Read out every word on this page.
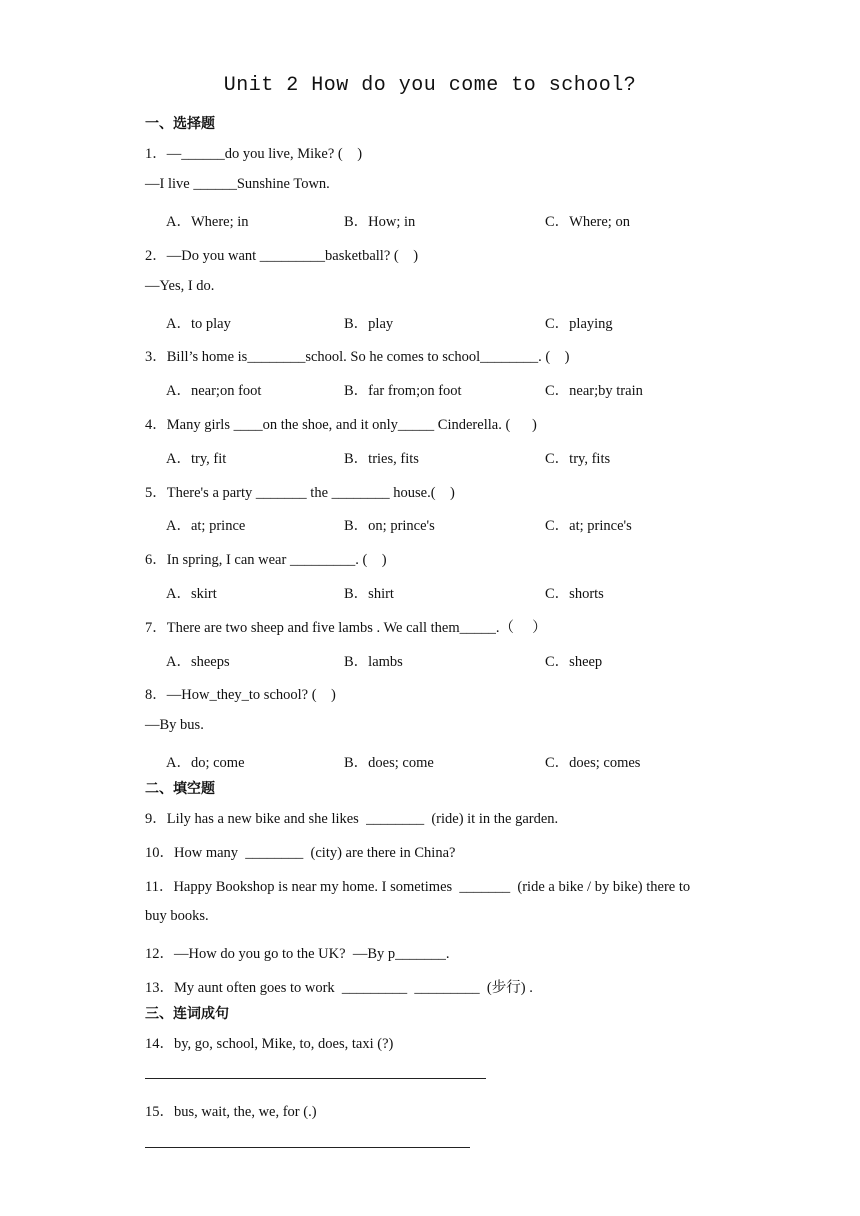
Unit 2 How do you come to school?
一、选择题
1．—______do you live, Mike? (    )
—I live ______Sunshine Town.
A．Where; in	B．How; in	C．Where; on
2．—Do you want _________basketball? (    )
—Yes, I do.
A．to play	B．play	C．playing
3．Bill’s home is________school. So he comes to school________. (    )
A．near;on foot	B．far from;on foot	C．near;by train
4．Many girls ____on the shoe, and it only_____ Cinderella. (      )
A．try, fit	B．tries, fits	C．try, fits
5．There's a party _______ the ________ house.(    )
A．at; prince	B．on; prince's	C．at; prince's
6．In spring, I can wear _________. (    )
A．skirt	B．shirt	C．shorts
7．There are two sheep and five lambs . We call them_____.（     ）
A．sheeps	B．lambs	C．sheep
8．—How_they_to school? (    )
—By bus.
A．do; come	B．does; come	C．does; comes
二、填空题
9．Lily has a new bike and she likes  ________  (ride) it in the garden.
10．How many  ________  (city) are there in China?
11．Happy Bookshop is near my home. I sometimes  _______  (ride a bike / by bike) there to
buy books.
12．—How do you go to the UK?  —By p_______.
13．My aunt often goes to work  _________  _________  (步行) .
三、连词成句
14．by, go, school, Mike, to, does, taxi (?)
15．bus, wait, the, we, for (.)
